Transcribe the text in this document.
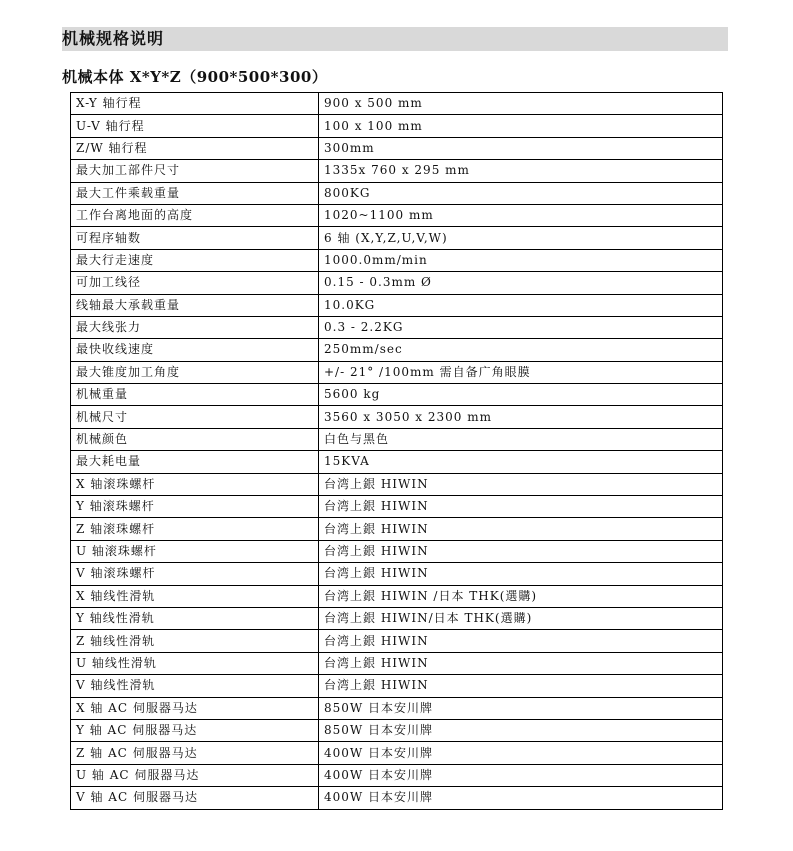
机械规格说明
机械本体 X*Y*Z（900*500*300）
X-Y 轴行程	900 x 500 mm
U-V 轴行程	100 x 100 mm
Z/W 轴行程	300mm
最大加工部件尺寸	1335x 760 x 295 mm
最大工件乘载重量	800KG
工作台离地面的高度	1020~1100 mm
可程序轴数	6 轴 (X,Y,Z,U,V,W)
最大行走速度	1000.0mm/min
可加工线径	0.15 - 0.3mm Ø
线轴最大承载重量	10.0KG
最大线张力	0.3 - 2.2KG
最快收线速度	250mm/sec
最大锥度加工角度	+/- 21° /100mm 需自备广角眼膜
机械重量	5600 kg
机械尺寸	3560 x 3050 x 2300 mm
机械颜色	白色与黑色
最大耗电量	15KVA
X 轴滚珠螺杆	台湾上銀 HIWIN
Y 轴滚珠螺杆	台湾上銀 HIWIN
Z 轴滚珠螺杆	台湾上銀 HIWIN
U 轴滚珠螺杆	台湾上銀 HIWIN
V 轴滚珠螺杆	台湾上銀 HIWIN
X 轴线性滑轨	台湾上銀 HIWIN /日本 THK(選購)
Y 轴线性滑轨	台湾上銀 HIWIN/日本 THK(選購)
Z 轴线性滑轨	台湾上銀 HIWIN
U 轴线性滑轨	台湾上銀 HIWIN
V 轴线性滑轨	台湾上銀 HIWIN
X 轴 AC 伺服器马达	850W 日本安川牌
Y 轴 AC 伺服器马达	850W 日本安川牌
Z 轴 AC 伺服器马达	400W 日本安川牌
U 轴 AC 伺服器马达	400W 日本安川牌
V 轴 AC 伺服器马达	400W 日本安川牌
